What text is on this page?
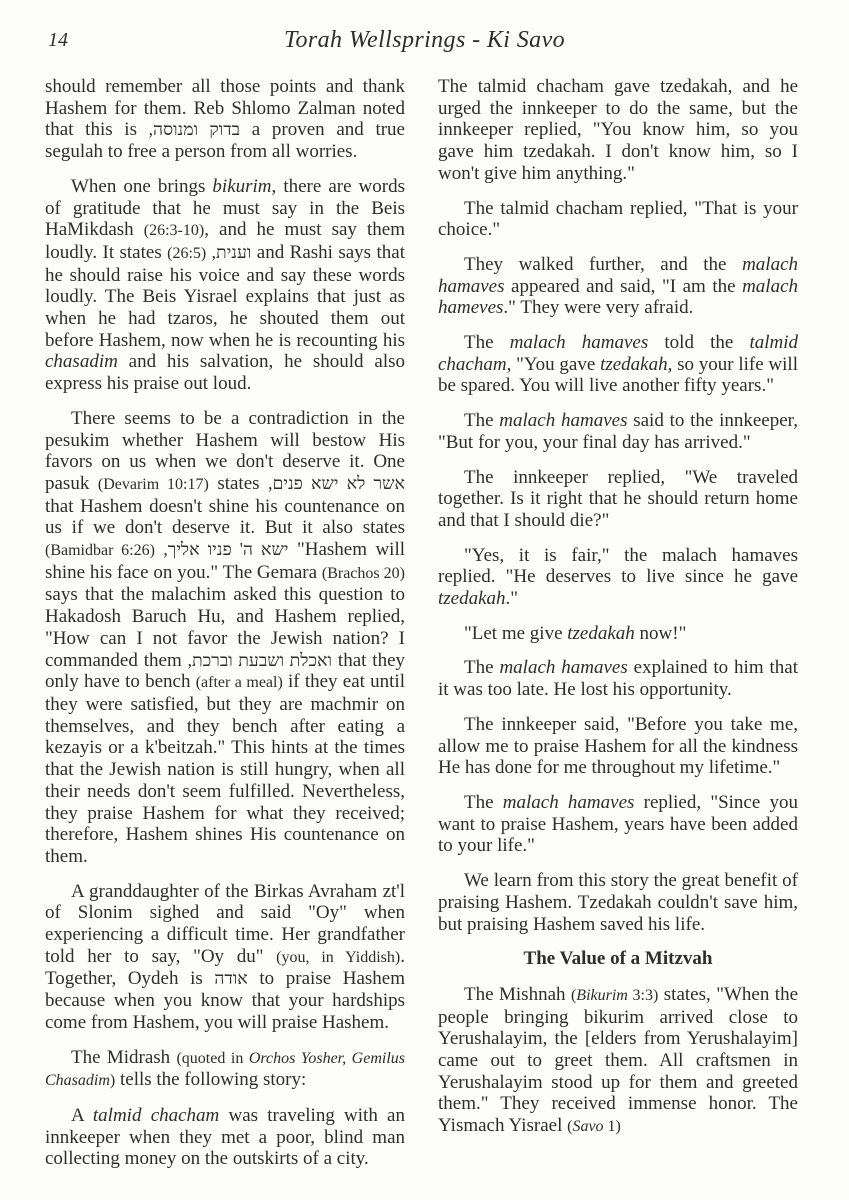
14	Torah Wellsprings - Ki Savo

should remember all those points and thank Hashem for them. Reb Shlomo Zalman noted that this is בדוק ומנוסה, a proven and true segulah to free a person from all worries.

When one brings bikurim, there are words of gratitude that he must say in the Beis HaMikdash (26:3-10), and he must say them loudly. It states (26:5) וענית, and Rashi says that he should raise his voice and say these words loudly. The Beis Yisrael explains that just as when he had tzaros, he shouted them out before Hashem, now when he is recounting his chasadim and his salvation, he should also express his praise out loud.

There seems to be a contradiction in the pesukim whether Hashem will bestow His favors on us when we don't deserve it. One pasuk (Devarim 10:17) states אשר לא ישא פנים, that Hashem doesn't shine his countenance on us if we don't deserve it. But it also states (Bamidbar 6:26) ישא ה' פניו אליך, "Hashem will shine his face on you." The Gemara (Brachos 20) says that the malachim asked this question to Hakadosh Baruch Hu, and Hashem replied, "How can I not favor the Jewish nation? I commanded them ואכלת ושבעת וברכת, that they only have to bench (after a meal) if they eat until they were satisfied, but they are machmir on themselves, and they bench after eating a kezayis or a k'beitzah." This hints at the times that the Jewish nation is still hungry, when all their needs don't seem fulfilled. Nevertheless, they praise Hashem for what they received; therefore, Hashem shines His countenance on them.

A granddaughter of the Birkas Avraham zt'l of Slonim sighed and said "Oy" when experiencing a difficult time. Her grandfather told her to say, "Oy du" (you, in Yiddish). Together, Oydeh is אודה to praise Hashem because when you know that your hardships come from Hashem, you will praise Hashem.

The Midrash (quoted in Orchos Yosher, Gemilus Chasadim) tells the following story:

A talmid chacham was traveling with an innkeeper when they met a poor, blind man collecting money on the outskirts of a city.

The talmid chacham gave tzedakah, and he urged the innkeeper to do the same, but the innkeeper replied, "You know him, so you gave him tzedakah. I don't know him, so I won't give him anything."

The talmid chacham replied, "That is your choice."

They walked further, and the malach hamaves appeared and said, "I am the malach hameves." They were very afraid.

The malach hamaves told the talmid chacham, "You gave tzedakah, so your life will be spared. You will live another fifty years."

The malach hamaves said to the innkeeper, "But for you, your final day has arrived."

The innkeeper replied, "We traveled together. Is it right that he should return home and that I should die?"

"Yes, it is fair," the malach hamaves replied. "He deserves to live since he gave tzedakah."

"Let me give tzedakah now!"

The malach hamaves explained to him that it was too late. He lost his opportunity.

The innkeeper said, "Before you take me, allow me to praise Hashem for all the kindness He has done for me throughout my lifetime."

The malach hamaves replied, "Since you want to praise Hashem, years have been added to your life."

We learn from this story the great benefit of praising Hashem. Tzedakah couldn't save him, but praising Hashem saved his life.

The Value of a Mitzvah

The Mishnah (Bikurim 3:3) states, "When the people bringing bikurim arrived close to Yerushalayim, the [elders from Yerushalayim] came out to greet them. All craftsmen in Yerushalayim stood up for them and greeted them." They received immense honor. The Yismach Yisrael (Savo 1)
